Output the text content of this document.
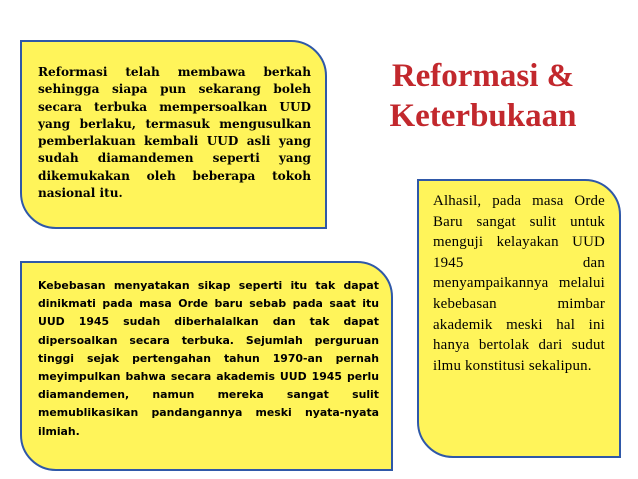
Reformasi telah membawa berkah sehingga siapa pun sekarang boleh secara terbuka mempersoalkan UUD yang berlaku, termasuk mengusulkan pemberlakuan kembali UUD asli yang sudah diamandemen seperti yang dikemukakan oleh beberapa tokoh nasional itu.

Reformasi &
Keterbukaan

Kebebasan menyatakan sikap seperti itu tak dapat dinikmati pada masa Orde baru sebab pada saat itu UUD 1945 sudah diberhalalkan dan tak dapat dipersoalkan secara terbuka. Sejumlah perguruan tinggi sejak pertengahan tahun 1970-an pernah meyimpulkan bahwa secara akademis UUD 1945 perlu diamandemen, namun mereka sangat sulit memublikasikan pandangannya meski nyata-nyata ilmiah.

Alhasil, pada masa Orde Baru sangat sulit untuk menguji kelayakan UUD 1945 dan menyampaikannya melalui kebebasan mimbar akademik meski hal ini hanya bertolak dari sudut ilmu konstitusi sekalipun.
